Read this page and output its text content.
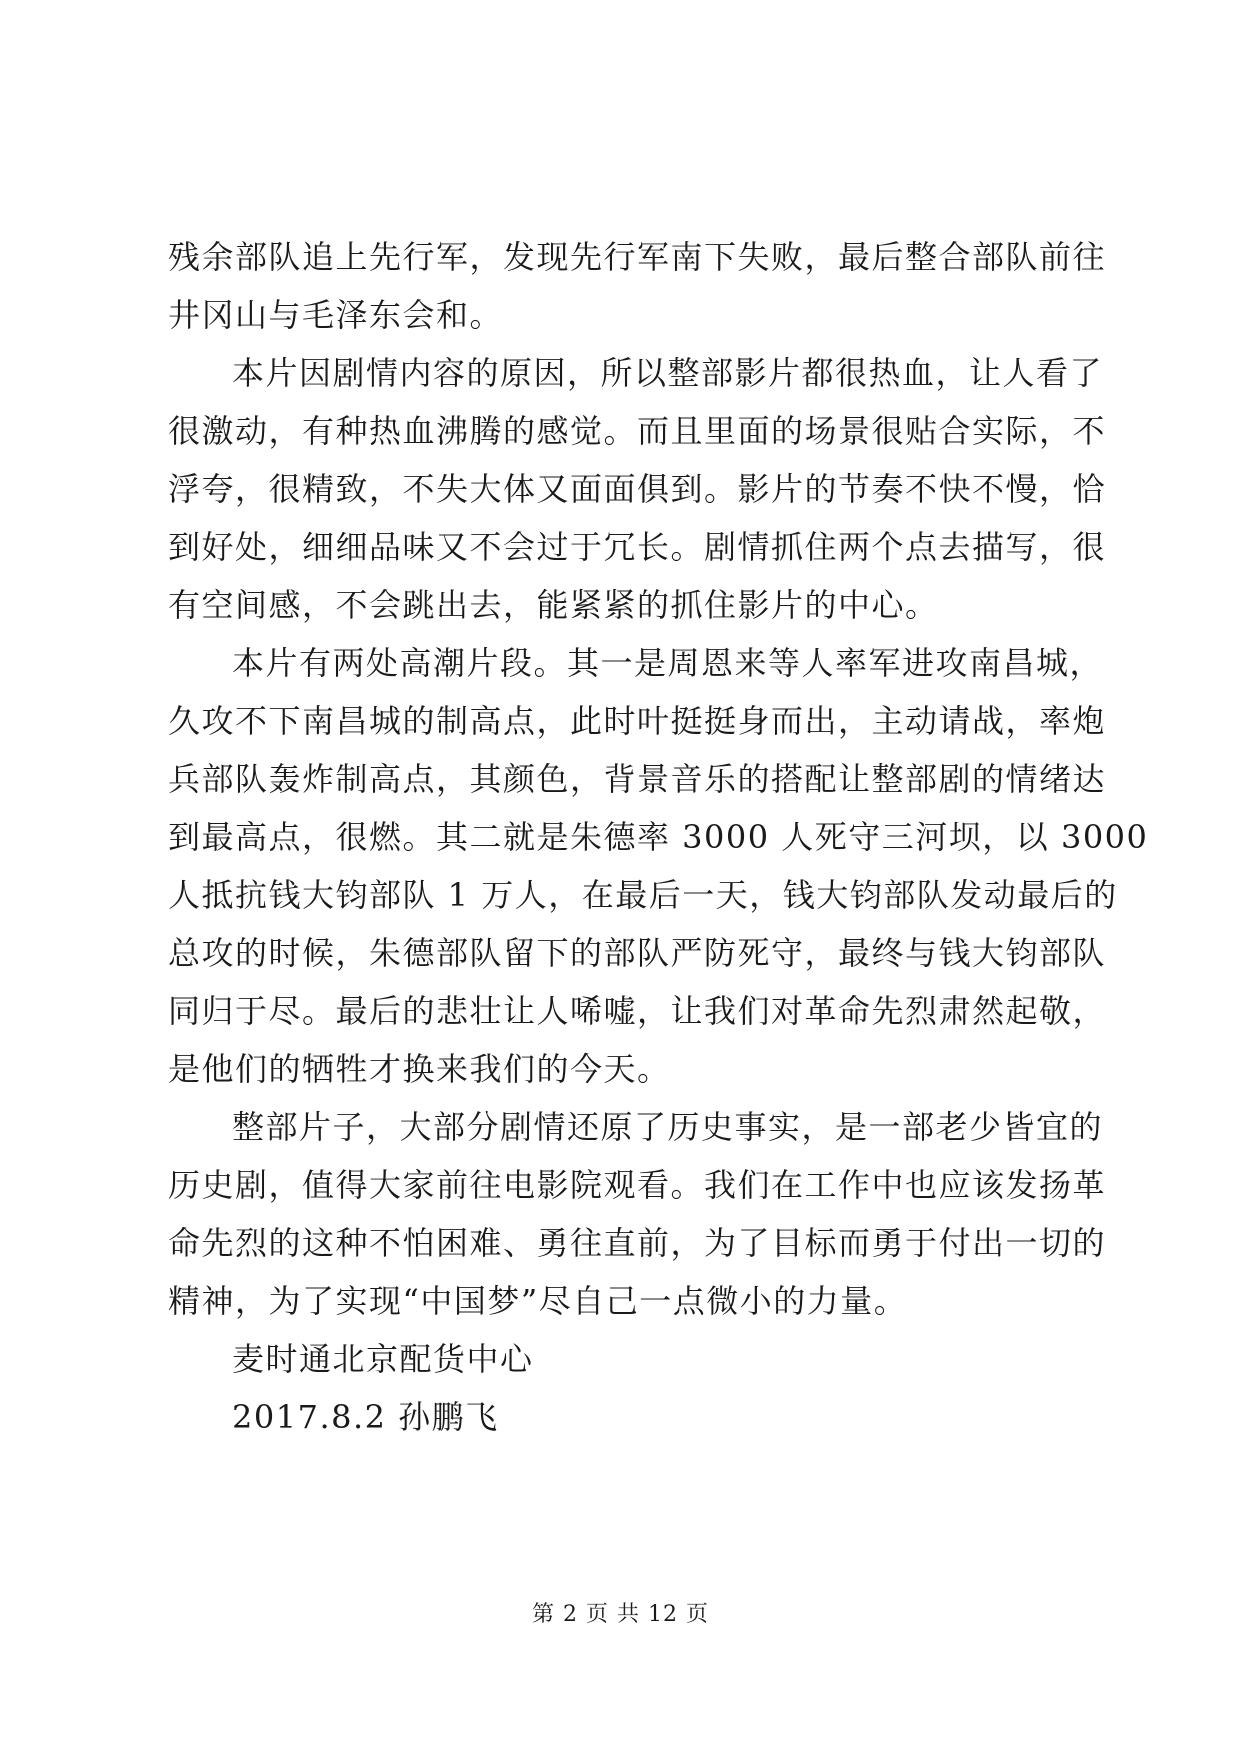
残余部队追上先行军，发现先行军南下失败，最后整合部队前往
井冈山与毛泽东会和。
本片因剧情内容的原因，所以整部影片都很热血，让人看了
很激动，有种热血沸腾的感觉。而且里面的场景很贴合实际，不
浮夸，很精致，不失大体又面面俱到。影片的节奏不快不慢，恰
到好处，细细品味又不会过于冗长。剧情抓住两个点去描写，很
有空间感，不会跳出去，能紧紧的抓住影片的中心。
本片有两处高潮片段。其一是周恩来等人率军进攻南昌城，
久攻不下南昌城的制高点，此时叶挺挺身而出，主动请战，率炮
兵部队轰炸制高点，其颜色，背景音乐的搭配让整部剧的情绪达
到最高点，很燃。其二就是朱德率 3000 人死守三河坝，以 3000
人抵抗钱大钧部队 1 万人，在最后一天，钱大钧部队发动最后的
总攻的时候，朱德部队留下的部队严防死守，最终与钱大钧部队
同归于尽。最后的悲壮让人唏嘘，让我们对革命先烈肃然起敬，
是他们的牺牲才换来我们的今天。
整部片子，大部分剧情还原了历史事实，是一部老少皆宜的
历史剧，值得大家前往电影院观看。我们在工作中也应该发扬革
命先烈的这种不怕困难、勇往直前，为了目标而勇于付出一切的
精神，为了实现“中国梦”尽自己一点微小的力量。
麦时通北京配货中心
2017.8.2 孙鹏飞
第 2 页 共 12 页
